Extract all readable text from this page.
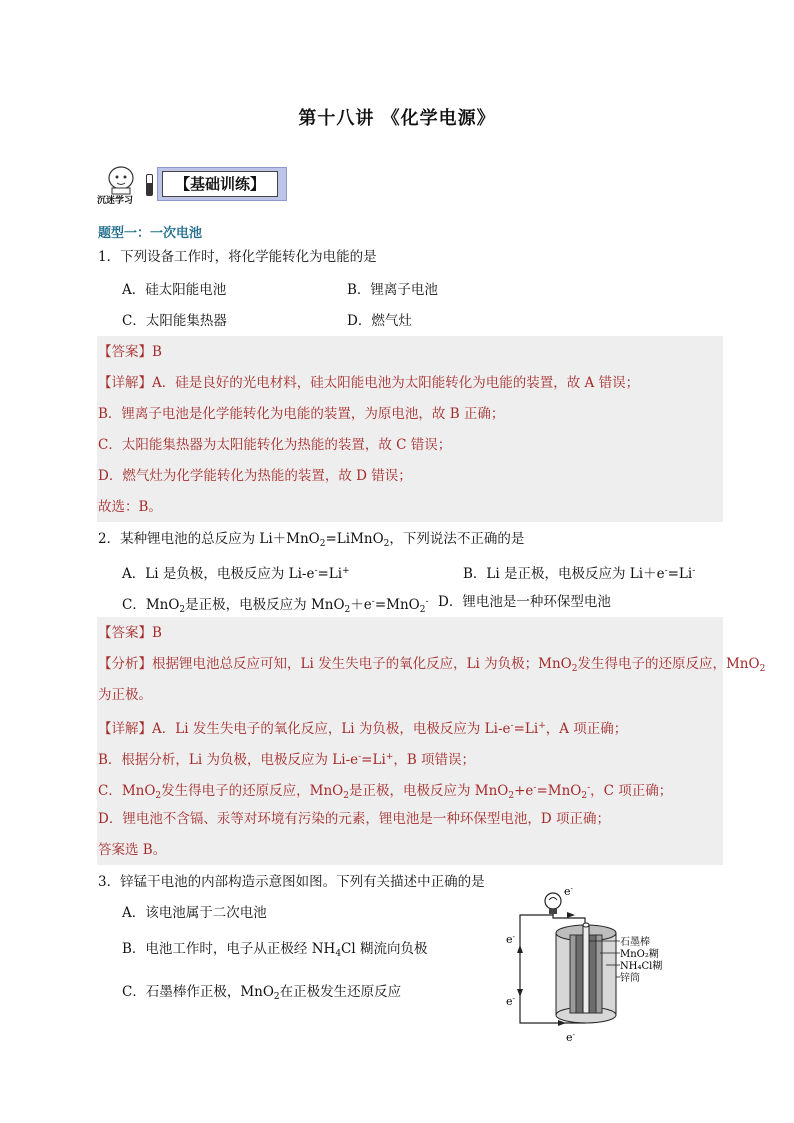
第十八讲 《化学电源》
沉迷学习
【基础训练】
题型一：一次电池
1．下列设备工作时，将化学能转化为电能的是
A．硅太阳能电池	B．锂离子电池
C．太阳能集热器	D．燃气灶
【答案】B
【详解】A．硅是良好的光电材料，硅太阳能电池为太阳能转化为电能的装置，故 A 错误；
B．锂离子电池是化学能转化为电能的装置，为原电池，故 B 正确；
C．太阳能集热器为太阳能转化为热能的装置，故 C 错误；
D．燃气灶为化学能转化为热能的装置，故 D 错误；
故选：B。
2．某种锂电池的总反应为 Li＋MnO$_2$=LiMnO$_2$，下列说法不正确的是
A．Li 是负极，电极反应为 Li-e-=Li+	B．Li 是正极，电极反应为 Li＋e-=Li-
C．MnO$_2$是正极，电极反应为 MnO$_2$＋e-=MnO$_2$- D．锂电池是一种环保型电池
【答案】B
【分析】根据锂电池总反应可知，Li 发生失电子的氧化反应，Li 为负极；MnO$_2$发生得电子的还原反应，MnO$_2$
为正极。
【详解】A．Li 发生失电子的氧化反应，Li 为负极，电极反应为 Li-e-=Li+，A 项正确；
B．根据分析，Li 为负极，电极反应为 Li-e-=Li+，B 项错误；
C．MnO$_2$发生得电子的还原反应，MnO$_2$是正极，电极反应为 MnO$_2$+e-=MnO$_2$-，C 项正确；
D．锂电池不含镉、汞等对环境有污染的元素，锂电池是一种环保型电池，D 项正确；
答案选 B。
3．锌锰干电池的内部构造示意图如图。下列有关描述中正确的是
A．该电池属于二次电池
B．电池工作时，电子从正极经 $NH_4Cl$ 糊流向负极
C．石墨棒作正极，MnO$_2$在正极发生还原反应
e-
e-
e-
e-
石墨棒
MnO₂糊
NH₄Cl糊
锌筒
